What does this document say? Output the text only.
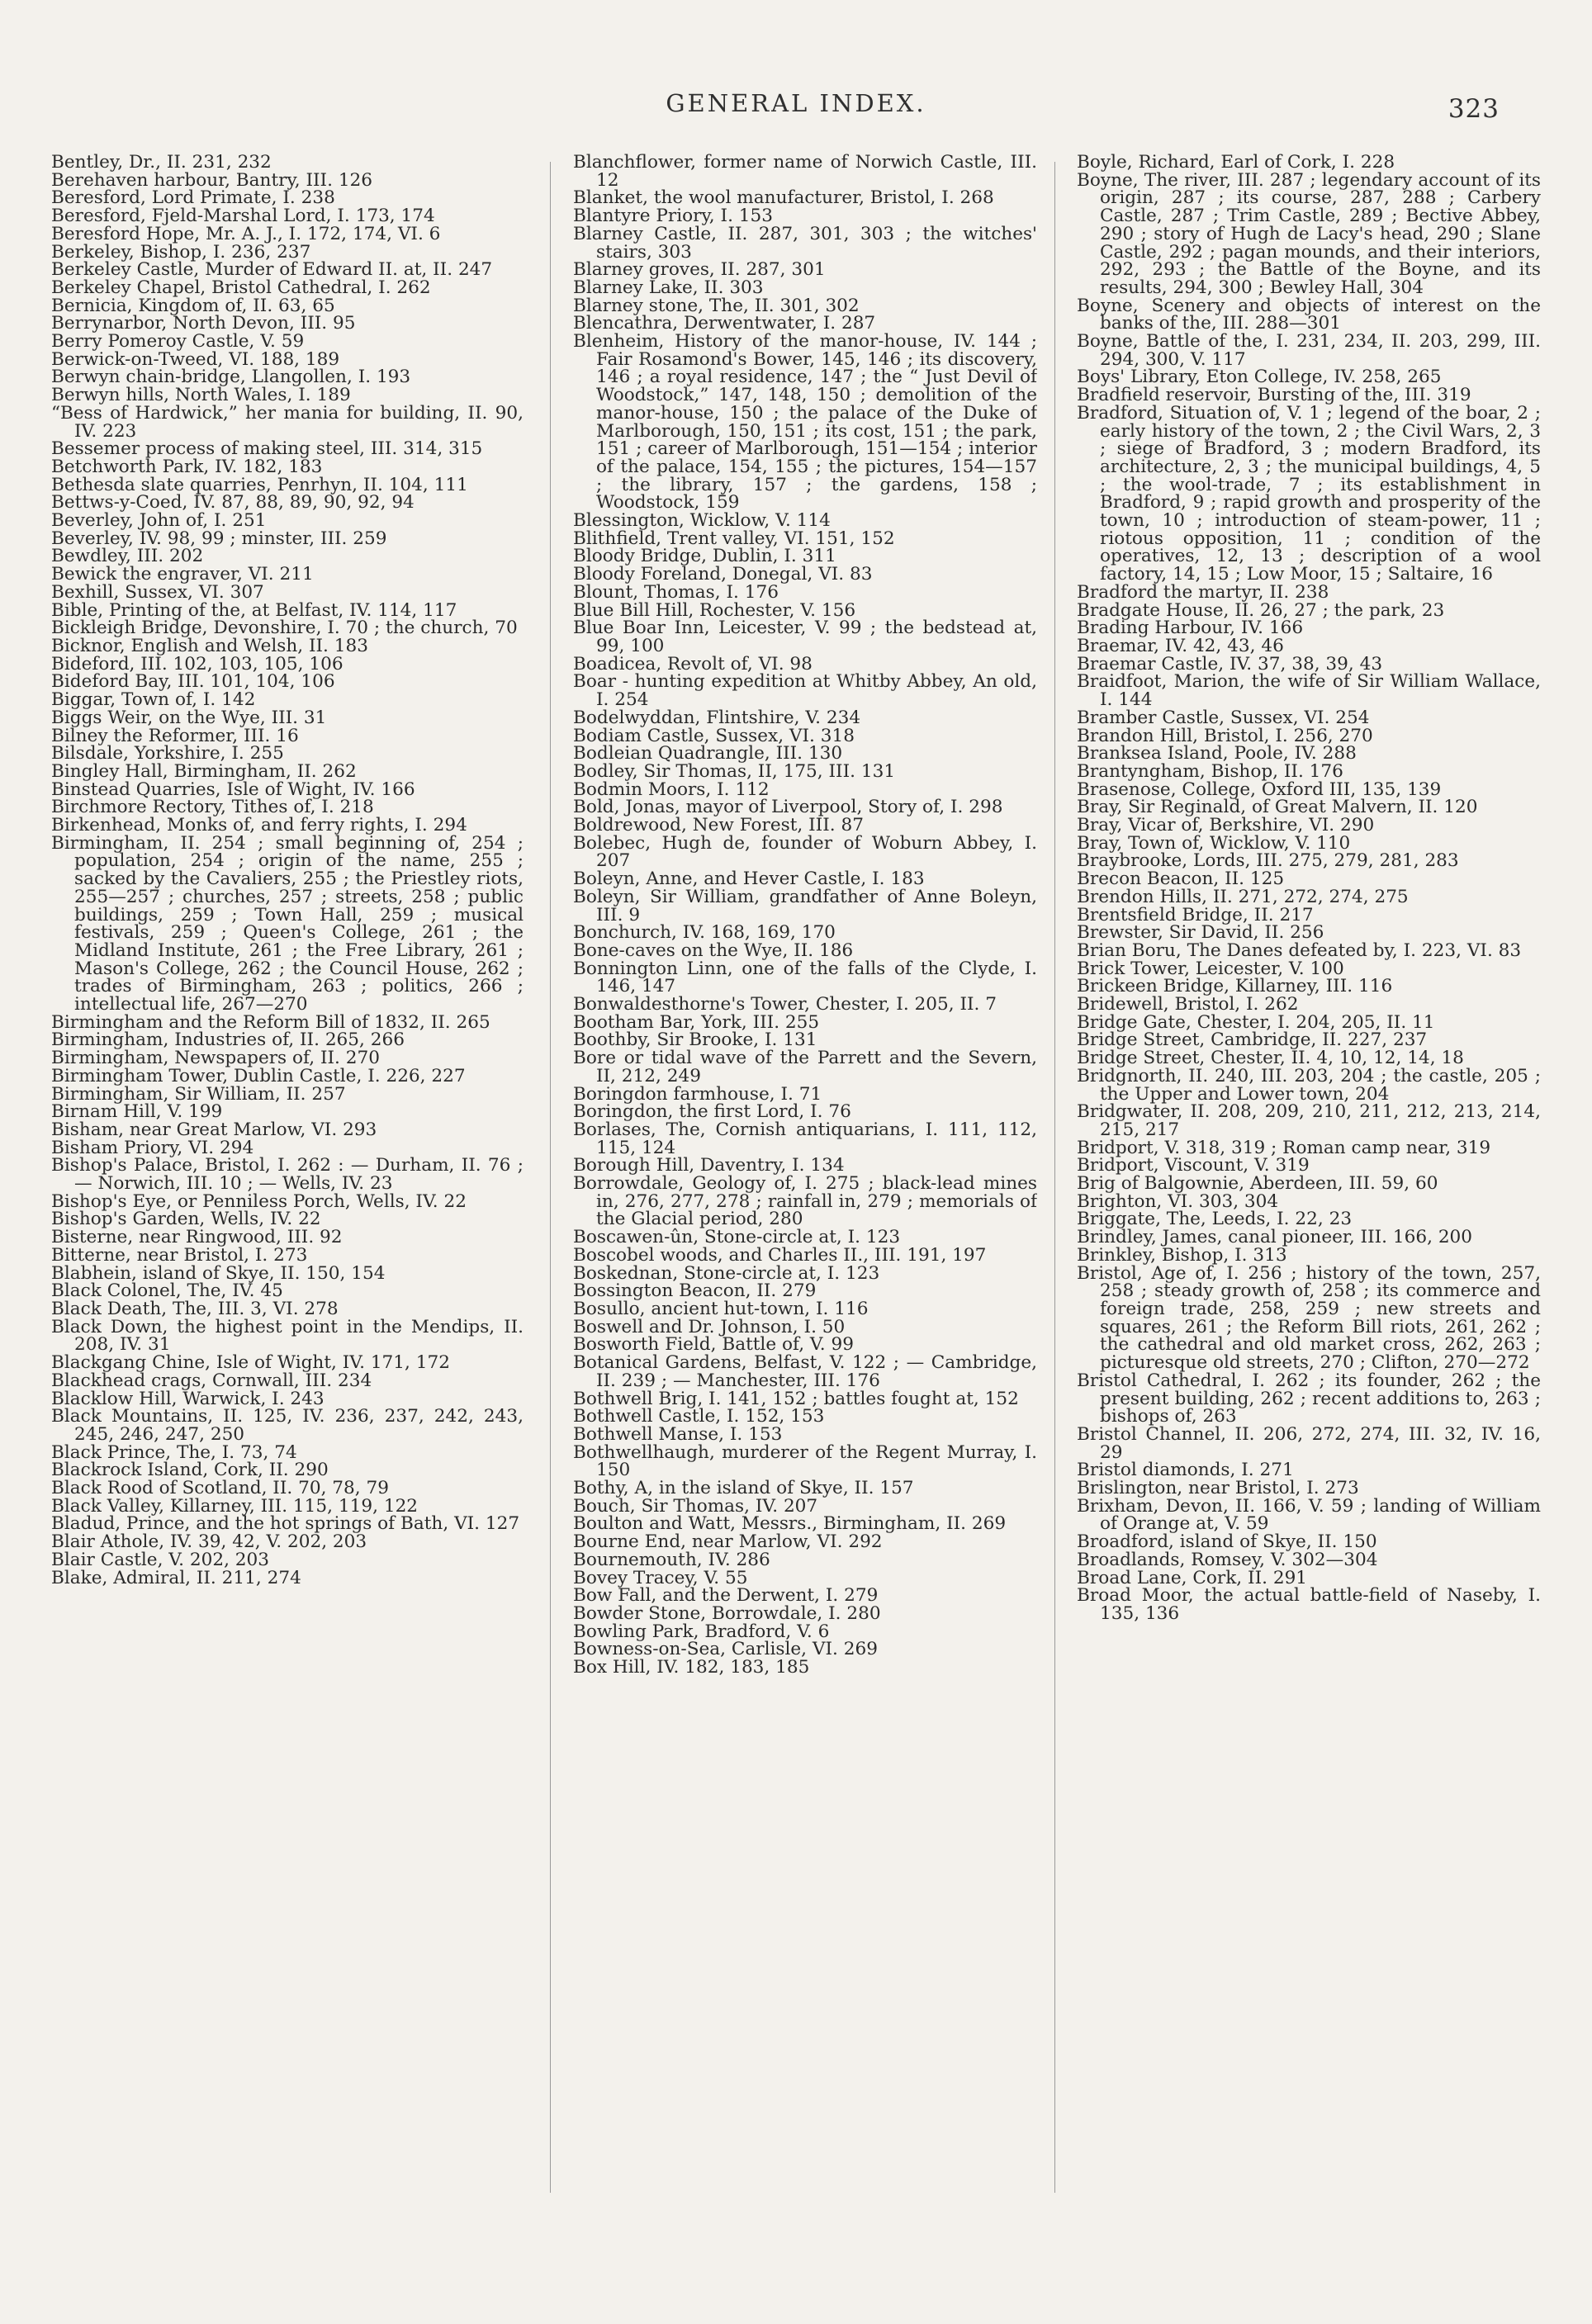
GENERAL INDEX.	323

Bentley, Dr., II. 231, 232

Berehaven harbour, Bantry, III. 126

Beresford, Lord Primate, I. 238

Beresford, Fjeld-Marshal Lord, I. 173, 174

Beresford Hope, Mr. A. J., I. 172, 174, VI. 6

Berkeley, Bishop, I. 236, 237

Berkeley Castle, Murder of Edward II. at, II. 247

Berkeley Chapel, Bristol Cathedral, I. 262

Bernicia, Kingdom of, II. 63, 65

Berrynarbor, North Devon, III. 95

Berry Pomeroy Castle, V. 59

Berwick-on-Tweed, VI. 188, 189

Berwyn chain-bridge, Llangollen, I. 193

Berwyn hills, North Wales, I. 189

“Bess of Hardwick,” her mania for building, II. 90, IV. 223

Bessemer process of making steel, III. 314, 315

Betchworth Park, IV. 182, 183

Bethesda slate quarries, Penrhyn, II. 104, 111

Bettws-y-Coed, IV. 87, 88, 89, 90, 92, 94

Beverley, John of, I. 251

Beverley, IV. 98, 99 ; minster, III. 259

Bewdley, III. 202

Bewick the engraver, VI. 211

Bexhill, Sussex, VI. 307

Bible, Printing of the, at Belfast, IV. 114, 117

Bickleigh Bridge, Devonshire, I. 70 ; the church, 70

Bicknor, English and Welsh, II. 183

Bideford, III. 102, 103, 105, 106

Bideford Bay, III. 101, 104, 106

Biggar, Town of, I. 142

Biggs Weir, on the Wye, III. 31

Bilney the Reformer, III. 16

Bilsdale, Yorkshire, I. 255

Bingley Hall, Birmingham, II. 262

Binstead Quarries, Isle of Wight, IV. 166

Birchmore Rectory, Tithes of, I. 218

Birkenhead, Monks of, and ferry rights, I. 294

Birmingham, II. 254 ; small beginning of, 254 ; population, 254 ; origin of the name, 255 ; sacked by the Cavaliers, 255 ; the Priestley riots, 255—257 ; churches, 257 ; streets, 258 ; public buildings, 259 ; Town Hall, 259 ; musical festivals, 259 ; Queen's College, 261 ; the Midland Institute, 261 ; the Free Library, 261 ; Mason's College, 262 ; the Council House, 262 ; trades of Birmingham, 263 ; politics, 266 ; intellectual life, 267—270

Birmingham and the Reform Bill of 1832, II. 265

Birmingham, Industries of, II. 265, 266

Birmingham, Newspapers of, II. 270

Birmingham Tower, Dublin Castle, I. 226, 227

Birmingham, Sir William, II. 257

Birnam Hill, V. 199

Bisham, near Great Marlow, VI. 293

Bisham Priory, VI. 294

Bishop's Palace, Bristol, I. 262 : — Durham, II. 76 ; — Norwich, III. 10 ; — Wells, IV. 23

Bishop's Eye, or Penniless Porch, Wells, IV. 22

Bishop's Garden, Wells, IV. 22

Bisterne, near Ringwood, III. 92

Bitterne, near Bristol, I. 273

Blabhein, island of Skye, II. 150, 154

Black Colonel, The, IV. 45

Black Death, The, III. 3, VI. 278

Black Down, the highest point in the Mendips, II. 208, IV. 31

Blackgang Chine, Isle of Wight, IV. 171, 172

Blackhead crags, Cornwall, III. 234

Blacklow Hill, Warwick, I. 243

Black Mountains, II. 125, IV. 236, 237, 242, 243, 245, 246, 247, 250

Black Prince, The, I. 73, 74

Blackrock Island, Cork, II. 290

Black Rood of Scotland, II. 70, 78, 79

Black Valley, Killarney, III. 115, 119, 122

Bladud, Prince, and the hot springs of Bath, VI. 127

Blair Athole, IV. 39, 42, V. 202, 203

Blair Castle, V. 202, 203

Blake, Admiral, II. 211, 274

Blanchflower, former name of Norwich Castle, III. 12

Blanket, the wool manufacturer, Bristol, I. 268

Blantyre Priory, I. 153

Blarney Castle, II. 287, 301, 303 ; the witches' stairs, 303

Blarney groves, II. 287, 301

Blarney Lake, II. 303

Blarney stone, The, II. 301, 302

Blencathra, Derwentwater, I. 287

Blenheim, History of the manor-house, IV. 144 ; Fair Rosamond's Bower, 145, 146 ; its discovery, 146 ; a royal residence, 147 ; the “ Just Devil of Woodstock,” 147, 148, 150 ; demolition of the manor-house, 150 ; the palace of the Duke of Marlborough, 150, 151 ; its cost, 151 ; the park, 151 ; career of Marlborough, 151—154 ; interior of the palace, 154, 155 ; the pictures, 154—157 ; the library, 157 ; the gardens, 158 ; Woodstock, 159

Blessington, Wicklow, V. 114

Blithfield, Trent valley, VI. 151, 152

Bloody Bridge, Dublin, I. 311

Bloody Foreland, Donegal, VI. 83

Blount, Thomas, I. 176

Blue Bill Hill, Rochester, V. 156

Blue Boar Inn, Leicester, V. 99 ; the bedstead at, 99, 100

Boadicea, Revolt of, VI. 98

Boar - hunting expedition at Whitby Abbey, An old, I. 254

Bodelwyddan, Flintshire, V. 234

Bodiam Castle, Sussex, VI. 318

Bodleian Quadrangle, III. 130

Bodley, Sir Thomas, II, 175, III. 131

Bodmin Moors, I. 112

Bold, Jonas, mayor of Liverpool, Story of, I. 298

Boldrewood, New Forest, III. 87

Bolebec, Hugh de, founder of Woburn Abbey, I. 207

Boleyn, Anne, and Hever Castle, I. 183

Boleyn, Sir William, grandfather of Anne Boleyn, III. 9

Bonchurch, IV. 168, 169, 170

Bone-caves on the Wye, II. 186

Bonnington Linn, one of the falls of the Clyde, I. 146, 147

Bonwaldesthorne's Tower, Chester, I. 205, II. 7

Bootham Bar, York, III. 255

Boothby, Sir Brooke, I. 131

Bore or tidal wave of the Parrett and the Severn, II, 212, 249

Boringdon farmhouse, I. 71

Boringdon, the first Lord, I. 76

Borlases, The, Cornish antiquarians, I. 111, 112, 115, 124

Borough Hill, Daventry, I. 134

Borrowdale, Geology of, I. 275 ; black-lead mines in, 276, 277, 278 ; rainfall in, 279 ; memorials of the Glacial period, 280

Boscawen-ûn, Stone-circle at, I. 123

Boscobel woods, and Charles II., III. 191, 197

Boskednan, Stone-circle at, I. 123

Bossington Beacon, II. 279

Bosullo, ancient hut-town, I. 116

Boswell and Dr. Johnson, I. 50

Bosworth Field, Battle of, V. 99

Botanical Gardens, Belfast, V. 122 ; — Cambridge, II. 239 ; — Manchester, III. 176

Bothwell Brig, I. 141, 152 ; battles fought at, 152

Bothwell Castle, I. 152, 153

Bothwell Manse, I. 153

Bothwellhaugh, murderer of the Regent Murray, I. 150

Bothy, A, in the island of Skye, II. 157

Bouch, Sir Thomas, IV. 207

Boulton and Watt, Messrs., Birmingham, II. 269

Bourne End, near Marlow, VI. 292

Bournemouth, IV. 286

Bovey Tracey, V. 55

Bow Fall, and the Derwent, I. 279

Bowder Stone, Borrowdale, I. 280

Bowling Park, Bradford, V. 6

Bowness-on-Sea, Carlisle, VI. 269

Box Hill, IV. 182, 183, 185

Boyle, Richard, Earl of Cork, I. 228

Boyne, The river, III. 287 ; legendary account of its origin, 287 ; its course, 287, 288 ; Carbery Castle, 287 ; Trim Castle, 289 ; Bective Abbey, 290 ; story of Hugh de Lacy's head, 290 ; Slane Castle, 292 ; pagan mounds, and their interiors, 292, 293 ; the Battle of the Boyne, and its results, 294, 300 ; Bewley Hall, 304

Boyne, Scenery and objects of interest on the banks of the, III. 288—301

Boyne, Battle of the, I. 231, 234, II. 203, 299, III. 294, 300, V. 117

Boys' Library, Eton College, IV. 258, 265

Bradfield reservoir, Bursting of the, III. 319

Bradford, Situation of, V. 1 ; legend of the boar, 2 ; early history of the town, 2 ; the Civil Wars, 2, 3 ; siege of Bradford, 3 ; modern Bradford, its architecture, 2, 3 ; the municipal buildings, 4, 5 ; the wool-trade, 7 ; its establishment in Bradford, 9 ; rapid growth and prosperity of the town, 10 ; introduction of steam-power, 11 ; riotous opposition, 11 ; condition of the operatives, 12, 13 ; description of a wool factory, 14, 15 ; Low Moor, 15 ; Saltaire, 16

Bradford the martyr, II. 238

Bradgate House, II. 26, 27 ; the park, 23

Brading Harbour, IV. 166

Braemar, IV. 42, 43, 46

Braemar Castle, IV. 37, 38, 39, 43

Braidfoot, Marion, the wife of Sir William Wallace, I. 144

Bramber Castle, Sussex, VI. 254

Brandon Hill, Bristol, I. 256, 270

Branksea Island, Poole, IV. 288

Brantyngham, Bishop, II. 176

Brasenose, College, Oxford III, 135, 139

Bray, Sir Reginald, of Great Malvern, II. 120

Bray, Vicar of, Berkshire, VI. 290

Bray, Town of, Wicklow, V. 110

Braybrooke, Lords, III. 275, 279, 281, 283

Brecon Beacon, II. 125

Brendon Hills, II. 271, 272, 274, 275

Brentsfield Bridge, II. 217

Brewster, Sir David, II. 256

Brian Boru, The Danes defeated by, I. 223, VI. 83

Brick Tower, Leicester, V. 100

Brickeen Bridge, Killarney, III. 116

Bridewell, Bristol, I. 262

Bridge Gate, Chester, I. 204, 205, II. 11

Bridge Street, Cambridge, II. 227, 237

Bridge Street, Chester, II. 4, 10, 12, 14, 18

Bridgnorth, II. 240, III. 203, 204 ; the castle, 205 ; the Upper and Lower town, 204

Bridgwater, II. 208, 209, 210, 211, 212, 213, 214, 215, 217

Bridport, V. 318, 319 ; Roman camp near, 319

Bridport, Viscount, V. 319

Brig of Balgownie, Aberdeen, III. 59, 60

Brighton, VI. 303, 304

Briggate, The, Leeds, I. 22, 23

Brindley, James, canal pioneer, III. 166, 200

Brinkley, Bishop, I. 313

Bristol, Age of, I. 256 ; history of the town, 257, 258 ; steady growth of, 258 ; its commerce and foreign trade, 258, 259 ; new streets and squares, 261 ; the Reform Bill riots, 261, 262 ; the cathedral and old market cross, 262, 263 ; picturesque old streets, 270 ; Clifton, 270—272

Bristol Cathedral, I. 262 ; its founder, 262 ; the present building, 262 ; recent additions to, 263 ; bishops of, 263

Bristol Channel, II. 206, 272, 274, III. 32, IV. 16, 29

Bristol diamonds, I. 271

Brislington, near Bristol, I. 273

Brixham, Devon, II. 166, V. 59 ; landing of William of Orange at, V. 59

Broadford, island of Skye, II. 150

Broadlands, Romsey, V. 302—304

Broad Lane, Cork, II. 291

Broad Moor, the actual battle-field of Naseby, I. 135, 136
